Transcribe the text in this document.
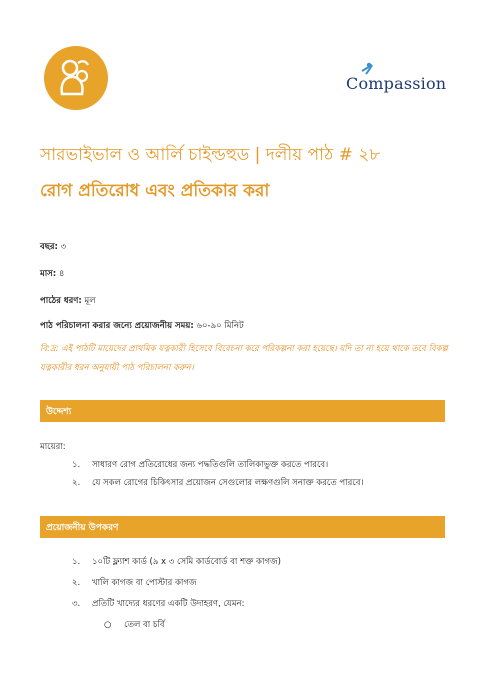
Compassion
সারভাইভাল ও আর্লি চাইল্ডহুড | দলীয় পাঠ # ২৮
রোগ প্রতিরোধ এবং প্রতিকার করা
বছর: ৩
মাস: ৪
পাঠের ধরণ: মূল
পাঠ পরিচালনা করার জন্যে প্রয়োজনীয় সময়: ৬০-৯০ মিনিট
বি:দ্র: এই পাঠটি মায়েদের প্রাথমিক যত্নকারী হিসেবে বিবেচনা করে পরিকল্পনা করা হয়েছে। যদি তা না হয়ে থাকে তবে বিকল্প যত্নকারীর ধরন অনুযায়ী পাঠ পরিচালনা করুন।
উদ্দেশ্য
মায়েরা:
১. সাধারণ রোগ প্রতিরোধের জন্য পদ্ধতিগুলি তালিকাভুক্ত করতে পারবে।
২. যে সকল রোগের চিকিৎসার প্রয়োজন সেগুলোর লক্ষণগুলি সনাক্ত করতে পারবে।
প্রয়োজনীয় উপকরণ
১. ১০টি ফ্ল্যাশ কার্ড (৯ x ৩ সেমি কার্ডবোর্ড বা শক্ত কাগজ)
২. খালি কাগজ বা পোস্টার কাগজ
৩. প্রতিটি খাদ্যের ধরণের একটি উদাহরণ, যেমন:
○ তেল বা চর্বি
